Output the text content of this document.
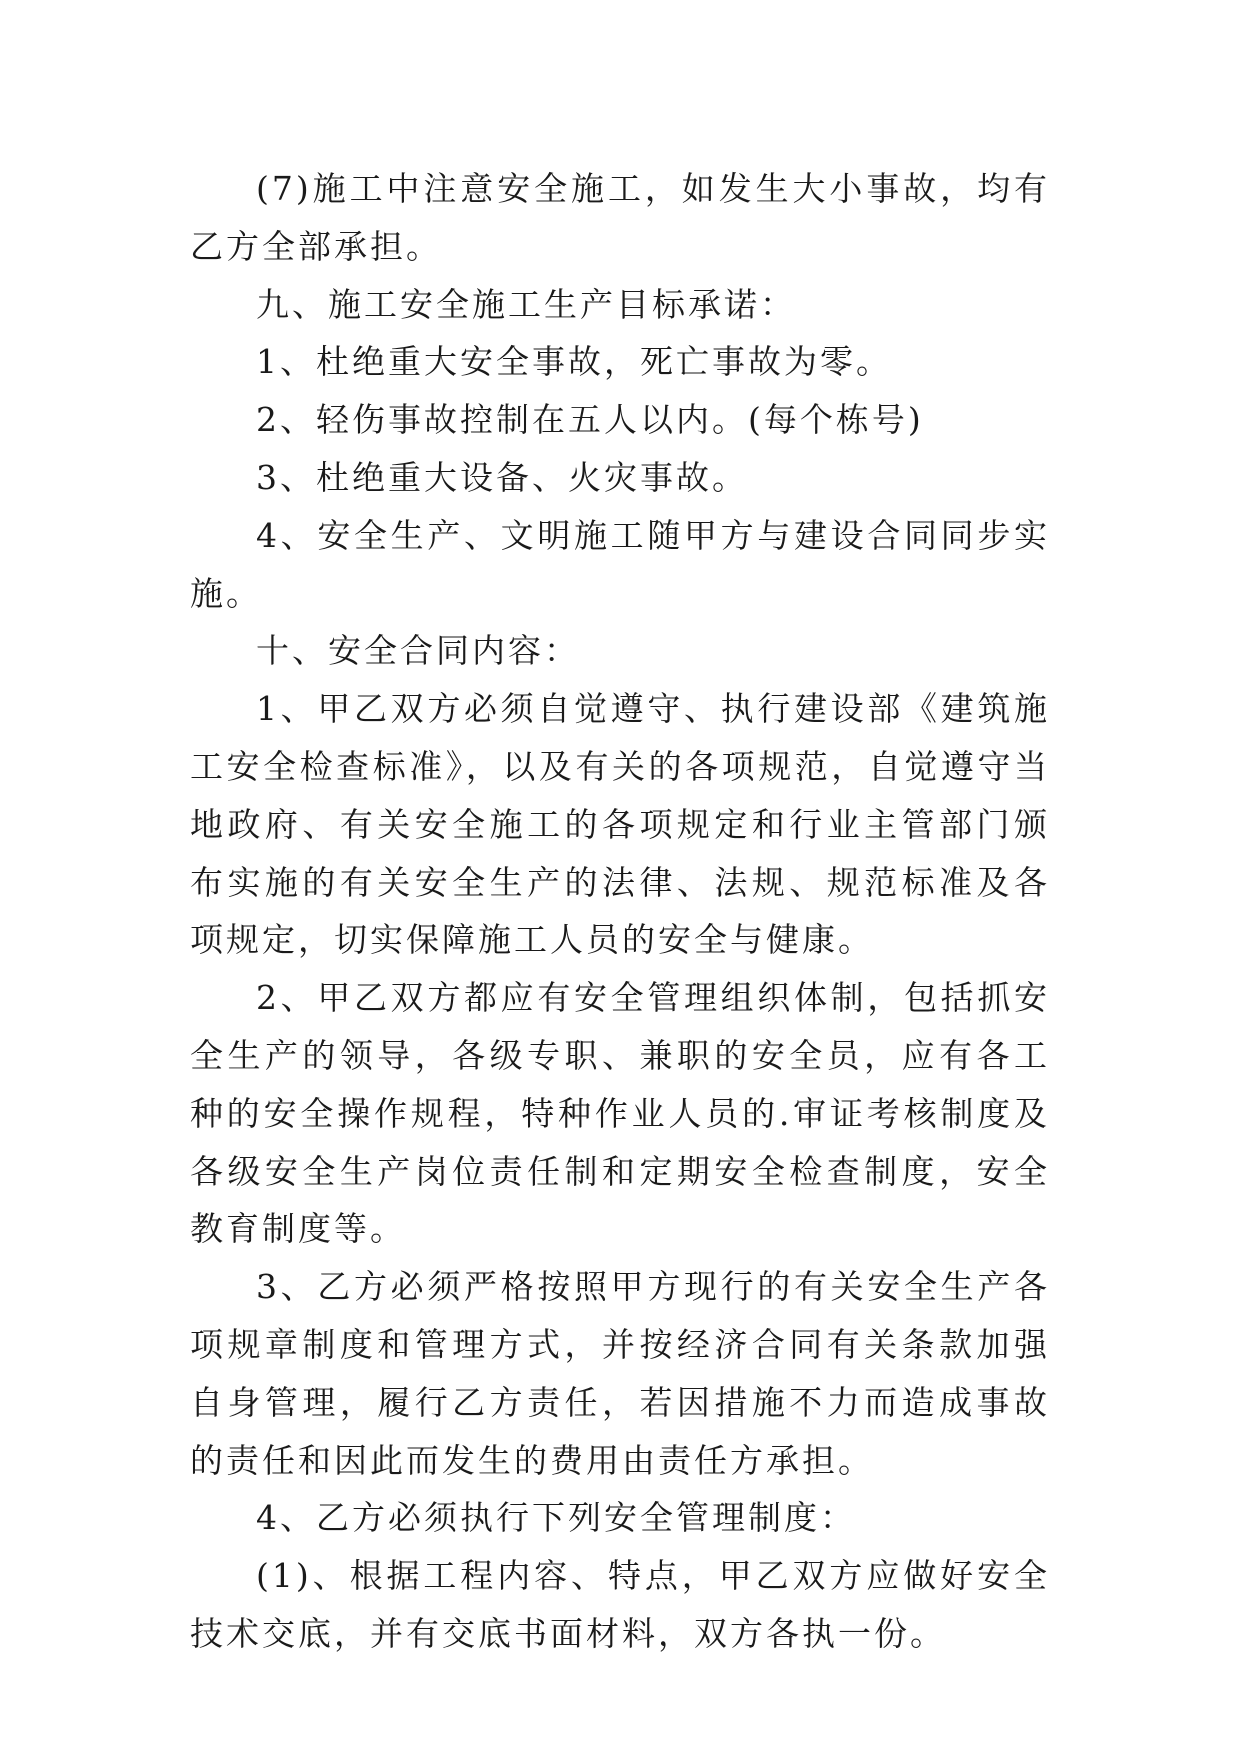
(7)施工中注意安全施工，如发生大小事故，均有乙方全部承担。

九、施工安全施工生产目标承诺：

1、杜绝重大安全事故，死亡事故为零。

2、轻伤事故控制在五人以内。(每个栋号)

3、杜绝重大设备、火灾事故。

4、安全生产、文明施工随甲方与建设合同同步实施。

十、安全合同内容：

1、甲乙双方必须自觉遵守、执行建设部《建筑施工安全检查标准》，以及有关的各项规范，自觉遵守当地政府、有关安全施工的各项规定和行业主管部门颁布实施的有关安全生产的法律、法规、规范标准及各项规定，切实保障施工人员的安全与健康。

2、甲乙双方都应有安全管理组织体制，包括抓安全生产的领导，各级专职、兼职的安全员，应有各工种的安全操作规程，特种作业人员的.审证考核制度及各级安全生产岗位责任制和定期安全检查制度，安全教育制度等。

3、乙方必须严格按照甲方现行的有关安全生产各项规章制度和管理方式，并按经济合同有关条款加强自身管理，履行乙方责任，若因措施不力而造成事故的责任和因此而发生的费用由责任方承担。

4、乙方必须执行下列安全管理制度：

(1)、根据工程内容、特点，甲乙双方应做好安全技术交底，并有交底书面材料，双方各执一份。
